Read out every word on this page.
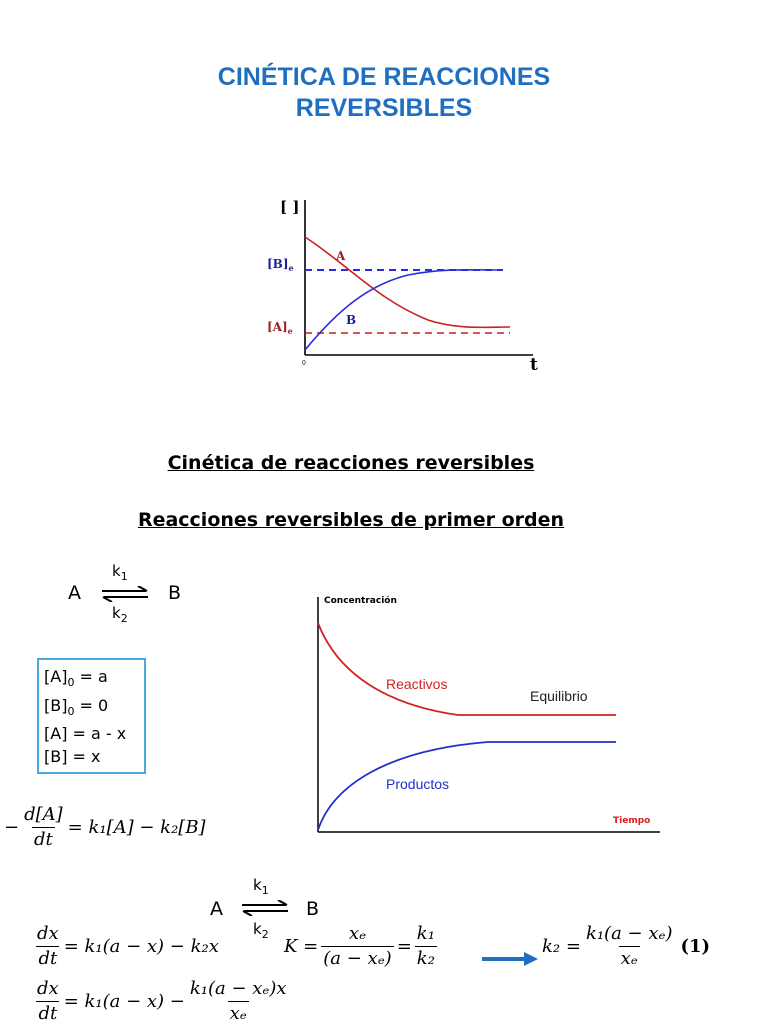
CINÉTICA DE REACCIONES
REVERSIBLES
[ ]
t
0
$[B]_e$
$[A]_e$
A
B
Cinética de reacciones reversibles
Reacciones reversibles de primer orden
A
$k_1$
⇌ B
$k_2$
$[A]_0 = a$
$[B]_0 = 0$
[A] = a - x
[B] = x
− $\frac{d[A]}{dt} = k_1[A] - k_2[B]$
Concentración
Tiempo
Reactivos
Equilibrio
Productos
A
$k_1$
⇌ B
$k_2$
$\frac{dx}{dt} = k_1(a - x) - k_2x$	$K = \frac{\text{xₑ}}{\text{(a − xₑ)}} = \frac{\text{k₁}}{\text{k₂}}$	$k_2 = \frac{\text{k₁(a − xₑ)}}{\text{xₑ}} (1)$
$\frac{dx}{dt} = k_1(a - x) - \frac{\text{k₁(a − xₑ)x}}{\text{xₑ}}$
